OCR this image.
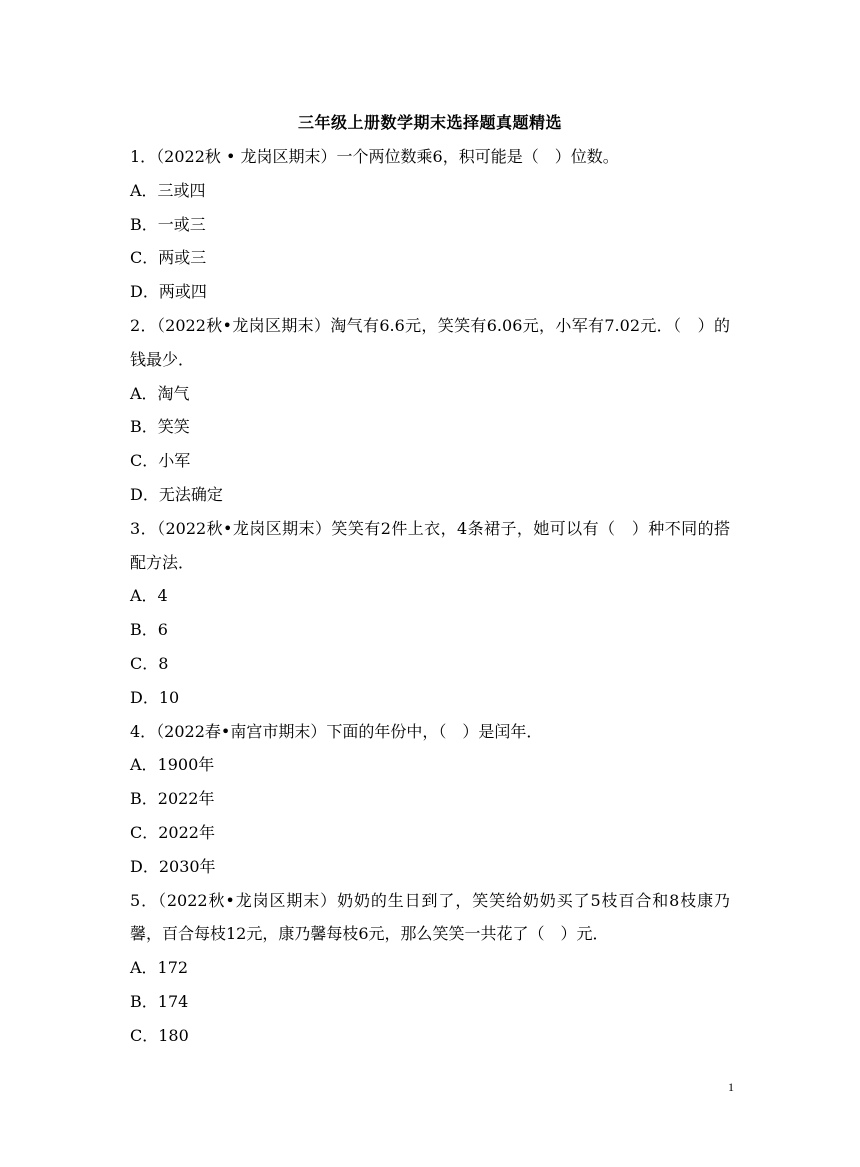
三年级上册数学期末选择题真题精选
1．（2022秋 • 龙岗区期末）一个两位数乘6，积可能是（　）位数。
A．三或四
B．一或三
C．两或三
D．两或四
2．（2022秋•龙岗区期末）淘气有6.6元，笑笑有6.06元，小军有7.02元．（　）的钱最少．
A．淘气
B．笑笑
C．小军
D．无法确定
3．（2022秋•龙岗区期末）笑笑有2件上衣，4条裙子，她可以有（　）种不同的搭配方法．
A．4
B．6
C．8
D．10
4．（2022春•南宫市期末）下面的年份中，（　）是闰年．
A．1900年
B．2022年
C．2022年
D．2030年
5．（2022秋•龙岗区期末）奶奶的生日到了，笑笑给奶奶买了5枝百合和8枝康乃馨，百合每枝12元，康乃馨每枝6元，那么笑笑一共花了（　）元．
A．172
B．174
C．180
1
